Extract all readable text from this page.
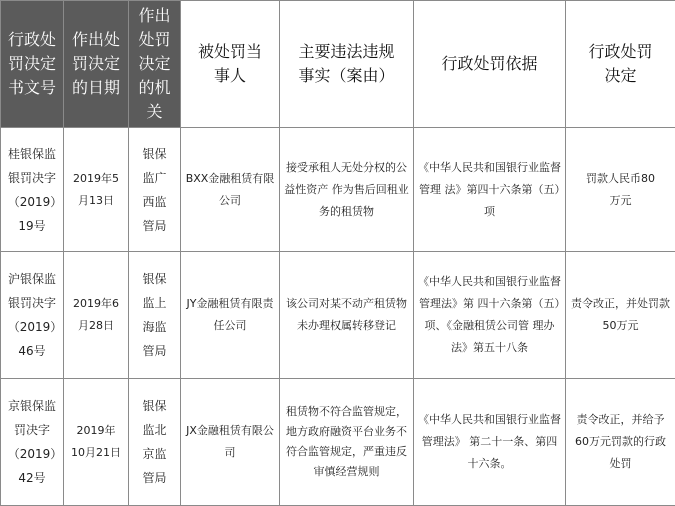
行政处罚决定书文号	作出处罚决定的日期	作出处罚决定的机关	被处罚当事人	主要违法违规事实（案由）	行政处罚依据	行政处罚决定
桂银保监银罚决字（2019）19号	2019年5月13日	银保监广西监管局	BXX金融租赁有限公司	接受承租人无处分权的公益性资产 作为售后回租业务的租赁物	《中华人民共和国银行业监督管理 法》第四十六条第（五）项	罚款人民币80万元
沪银保监银罚决字（2019）46号	2019年6月28日	银保监上海监管局	JY金融租赁有限责任公司	该公司对某不动产租赁物未办理权属转移登记	《中华人民共和国银行业监督管理法》第 四十六条第（五）项、《金融租赁公司管 理办法》第五十八条	责令改正，并处罚款50万元
京银保监罚决字（2019）42号	2019年10月21日	银保监北京监管局	JX金融租赁有限公司	租赁物不符合监管规定，地方政府融资平台业务不符合监管规定，严重违反审慎经营规则	《中华人民共和国银行业监督管理法》 第二十一条、第四十六条。	责令改正，并给予60万元罚款的行政处罚
